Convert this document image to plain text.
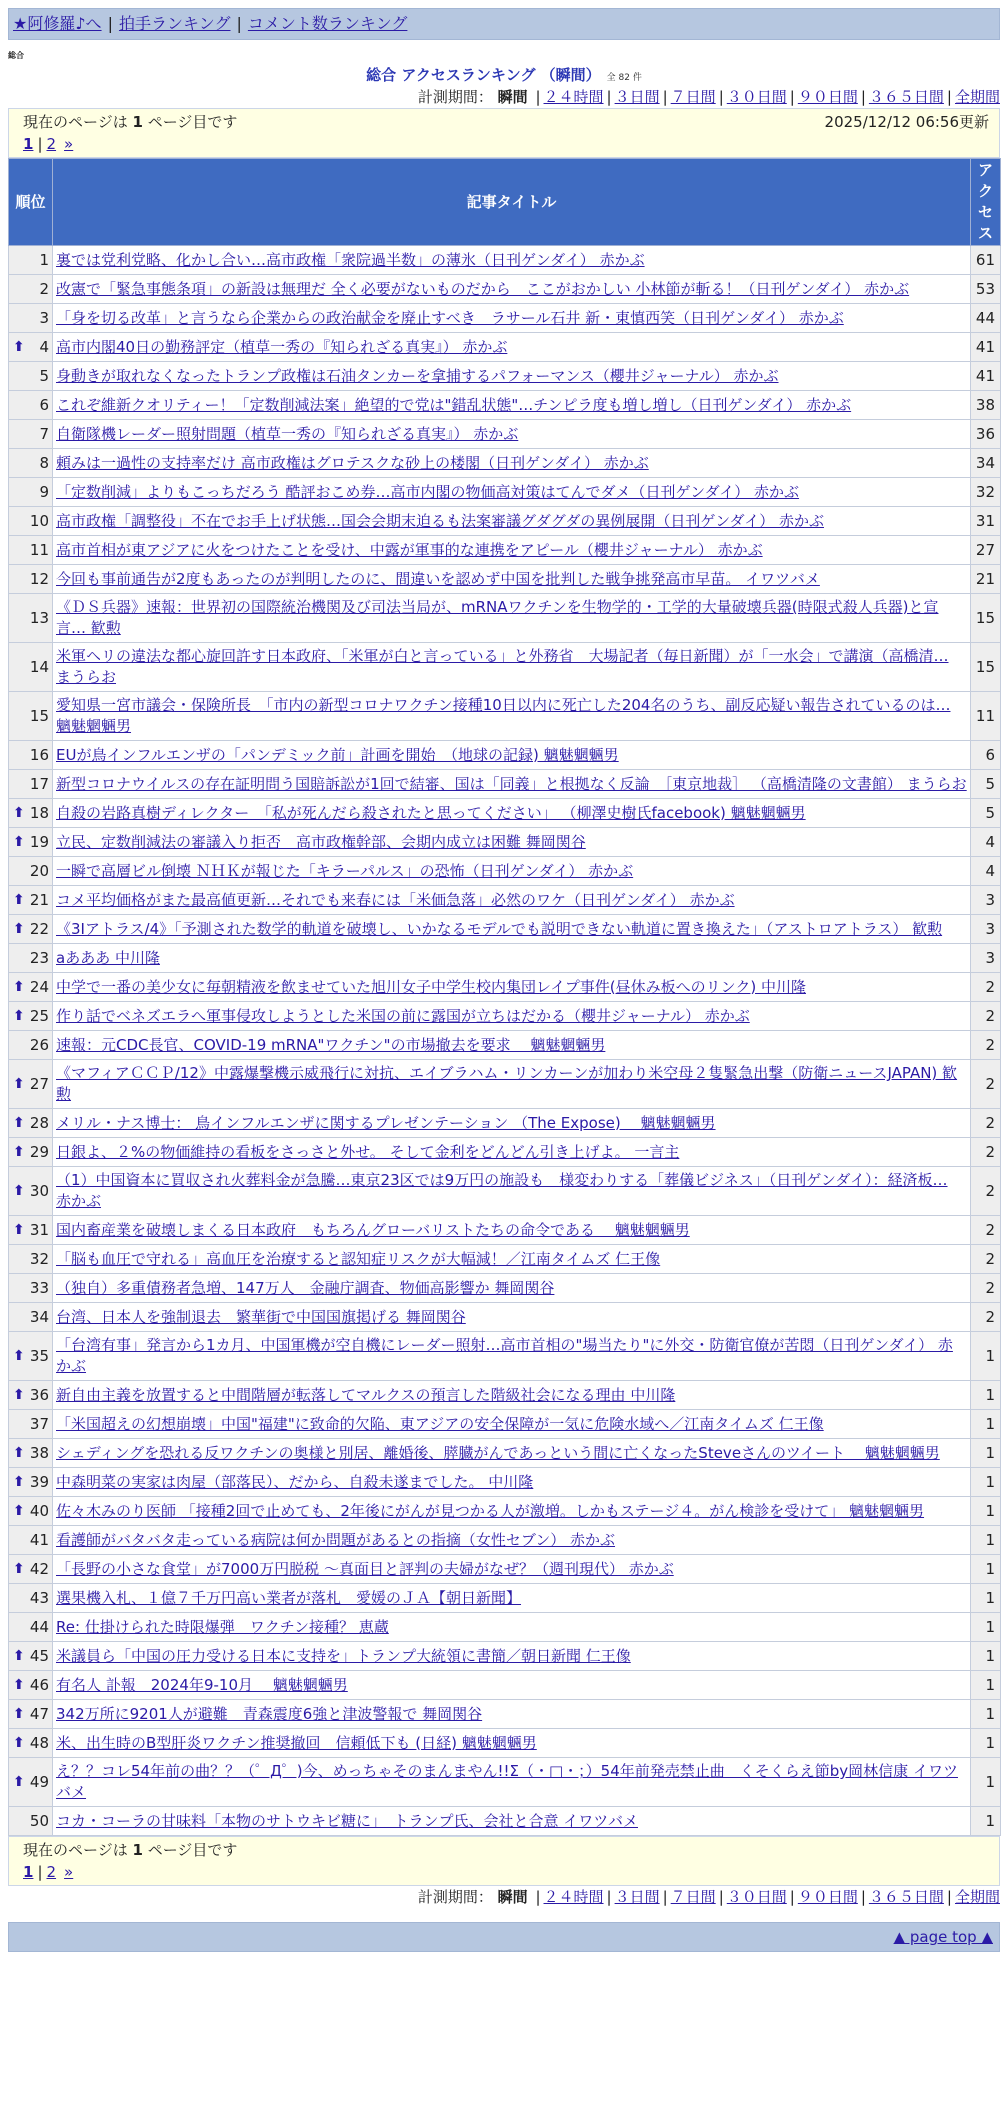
★阿修羅♪へ | 拍手ランキング | コメント数ランキング
総合
総合 アクセスランキング （瞬間） 全 82 件
計測期間： 瞬間 | ２４時間 | ３日間 | ７日間 | ３０日間 | ９０日間 | ３６５日間 | 全期間
現在のページは 1 ページ目です	2025/12/12 06:56更新
1 | 2 »
順位	記事タイトル	アクセス
1	裏では党利党略、化かし合い…高市政権「衆院過半数」の薄氷（日刊ゲンダイ） 赤かぶ	61
2	改憲で「緊急事態条項」の新設は無理だ 全く必要がないものだから　ここがおかしい 小林節が斬る！（日刊ゲンダイ） 赤かぶ	53
3	「身を切る改革」と言うなら企業からの政治献金を廃止すべき　ラサール石井 新・東慎西笑（日刊ゲンダイ） 赤かぶ	44

⬆ 4	高市内閣40日の勤務評定（植草一秀の『知られざる真実』） 赤かぶ	41
5	身動きが取れなくなったトランプ政権は石油タンカーを拿捕するパフォーマンス（櫻井ジャーナル） 赤かぶ	41
6	これぞ維新クオリティー！「定数削減法案」絶望的で党は"錯乱状態"…チンピラ度も増し増し（日刊ゲンダイ） 赤かぶ	38
7	自衛隊機レーダー照射問題（植草一秀の『知られざる真実』） 赤かぶ	36
8	頼みは一過性の支持率だけ 高市政権はグロテスクな砂上の楼閣（日刊ゲンダイ） 赤かぶ	34
9	「定数削減」よりもこっちだろう 酷評おこめ券…高市内閣の物価高対策はてんでダメ（日刊ゲンダイ） 赤かぶ	32
10	高市政権「調整役」不在でお手上げ状態…国会会期末迫るも法案審議グダグダの異例展開（日刊ゲンダイ） 赤かぶ	31
11	高市首相が東アジアに火をつけたことを受け、中露が軍事的な連携をアピール（櫻井ジャーナル） 赤かぶ	27
12	今回も事前通告が2度もあったのが判明したのに、間違いを認めず中国を批判した戦争挑発高市早苗。 イワツバメ	21
13	《ＤＳ兵器》速報：世界初の国際統治機関及び司法当局が、mRNAワクチンを生物学的・工学的大量破壊兵器(時限式殺人兵器)と宣言… 歓勲	15
14	米軍ヘリの違法な都心旋回許す日本政府、「米軍が白と言っている」と外務省　大場記者（毎日新聞）が「一水会」で講演（高橋清… まうらお	15
15	愛知県一宮市議会・保険所長　「市内の新型コロナワクチン接種10日以内に死亡した204名のうち、副反応疑い報告されているのは… 魑魅魍魎男	11
16	EUが鳥インフルエンザの「パンデミック前」計画を開始　（地球の記録) 魑魅魍魎男	6
17	新型コロナウイルスの存在証明問う国賠訴訟が1回で結審、国は「同義」と根拠なく反論　［東京地裁］ （高橋清隆の文書館） まうらお	5

⬆ 18	自殺の岩路真樹ディレクター　「私が死んだら殺されたと思ってください」 （柳澤史樹氏facebook) 魑魅魍魎男	5

⬆ 19	立民、定数削減法の審議入り拒否　高市政権幹部、会期内成立は困難 舞岡関谷	4
20	一瞬で高層ビル倒壊 ＮＨＫが報じた「キラーパルス」の恐怖（日刊ゲンダイ） 赤かぶ	4

⬆ 21	コメ平均価格がまた最高値更新…それでも来春には「米価急落」必然のワケ（日刊ゲンダイ） 赤かぶ	3

⬆ 22	《3Iアトラス/4》「予測された数学的軌道を破壊し、いかなるモデルでも説明できない軌道に置き換えた」（アストロアトラス） 歓勲	3
23	aあああ 中川隆	3

⬆ 24	中学で一番の美少女に毎朝精液を飲ませていた旭川女子中学生校内集団レイプ事件(昼休み板へのリンク) 中川隆	2

⬆ 25	作り話でベネズエラへ軍事侵攻しようとした米国の前に露国が立ちはだかる（櫻井ジャーナル） 赤かぶ	2
26	速報：元CDC長官、COVID-19 mRNA"ワクチン"の市場撤去を要求　 魑魅魍魎男	2

⬆ 27	《マフィアＣＣＰ/12》中露爆撃機示威飛行に対抗、エイブラハム・リンカーンが加わり米空母２隻緊急出撃（防衛ニュースJAPAN) 歓勲	2

⬆ 28	メリル・ナス博士： 鳥インフルエンザに関するプレゼンテーション （The Expose)　 魑魅魍魎男	2

⬆ 29	日銀よ、２%の物価維持の看板をさっさと外せ。 そして金利をどんどん引き上げよ。 一言主	2

⬆ 30	（1）中国資本に買収され火葬料金が急騰…東京23区では9万円の施設も　様変わりする「葬儀ビジネス」（日刊ゲンダイ）：経済板… 赤かぶ	2

⬆ 31	国内畜産業を破壊しまくる日本政府　もちろんグローバリストたちの命令である　 魑魅魍魎男	2
32	「脳も血圧で守れる」高血圧を治療すると認知症リスクが大幅減！／江南タイムズ 仁王像	2
33	（独自）多重債務者急増、147万人　金融庁調査、物価高影響か 舞岡関谷	2
34	台湾、日本人を強制退去　繁華街で中国国旗掲げる 舞岡関谷	2

⬆ 35	「台湾有事」発言から1カ月、中国軍機が空自機にレーダー照射…高市首相の"場当たり"に外交・防衛官僚が苦悶（日刊ゲンダイ） 赤かぶ	1

⬆ 36	新自由主義を放置すると中間階層が転落してマルクスの預言した階級社会になる理由 中川隆	1
37	「米国超えの幻想崩壊」中国"福建"に致命的欠陥、東アジアの安全保障が一気に危険水域へ／江南タイムズ 仁王像	1

⬆ 38	シェディングを恐れる反ワクチンの奥様と別居、離婚後、膵臓がんであっという間に亡くなったSteveさんのツイート　 魑魅魍魎男	1

⬆ 39	中森明菜の実家は肉屋（部落民）、だから、自殺未遂までした。 中川隆	1

⬆ 40	佐々木みのり医師 「接種2回で止めても、2年後にがんが見つかる人が激増。しかもステージ４。がん検診を受けて」 魑魅魍魎男	1
41	看護師がバタバタ走っている病院は何か問題があるとの指摘（女性セブン） 赤かぶ	1

⬆ 42	「長野の小さな食堂」が7000万円脱税 ～真面目と評判の夫婦がなぜ？（週刊現代） 赤かぶ	1
43	選果機入札、１億７千万円高い業者が落札　愛媛のＪＡ【朝日新聞】	1
44	Re: 仕掛けられた時限爆弾　ワクチン接種？ 恵蔵	1

⬆ 45	米議員ら「中国の圧力受ける日本に支持を」トランプ大統領に書簡／朝日新聞 仁王像	1

⬆ 46	有名人 訃報　2024年9-10月　 魑魅魍魎男	1

⬆ 47	342万所に9201人が避難　青森震度6強と津波警報で 舞岡関谷	1

⬆ 48	米、出生時のB型肝炎ワクチン推奨撤回　信頼低下も (日経) 魑魅魍魎男	1

⬆ 49	え？？コレ54年前の曲？？（゜Д゜)今、めっちゃそのまんまやん!!Σ（・□・；）54年前発売禁止曲　くそくらえ節by岡林信康 イワツバメ	1
50	コカ・コーラの甘味料「本物のサトウキビ糖に」　トランプ氏、会社と合意 イワツバメ	1
現在のページは 1 ページ目です
1 | 2 »
計測期間： 瞬間 | ２４時間 | ３日間 | ７日間 | ３０日間 | ９０日間 | ３６５日間 | 全期間
▲ page top ▲
